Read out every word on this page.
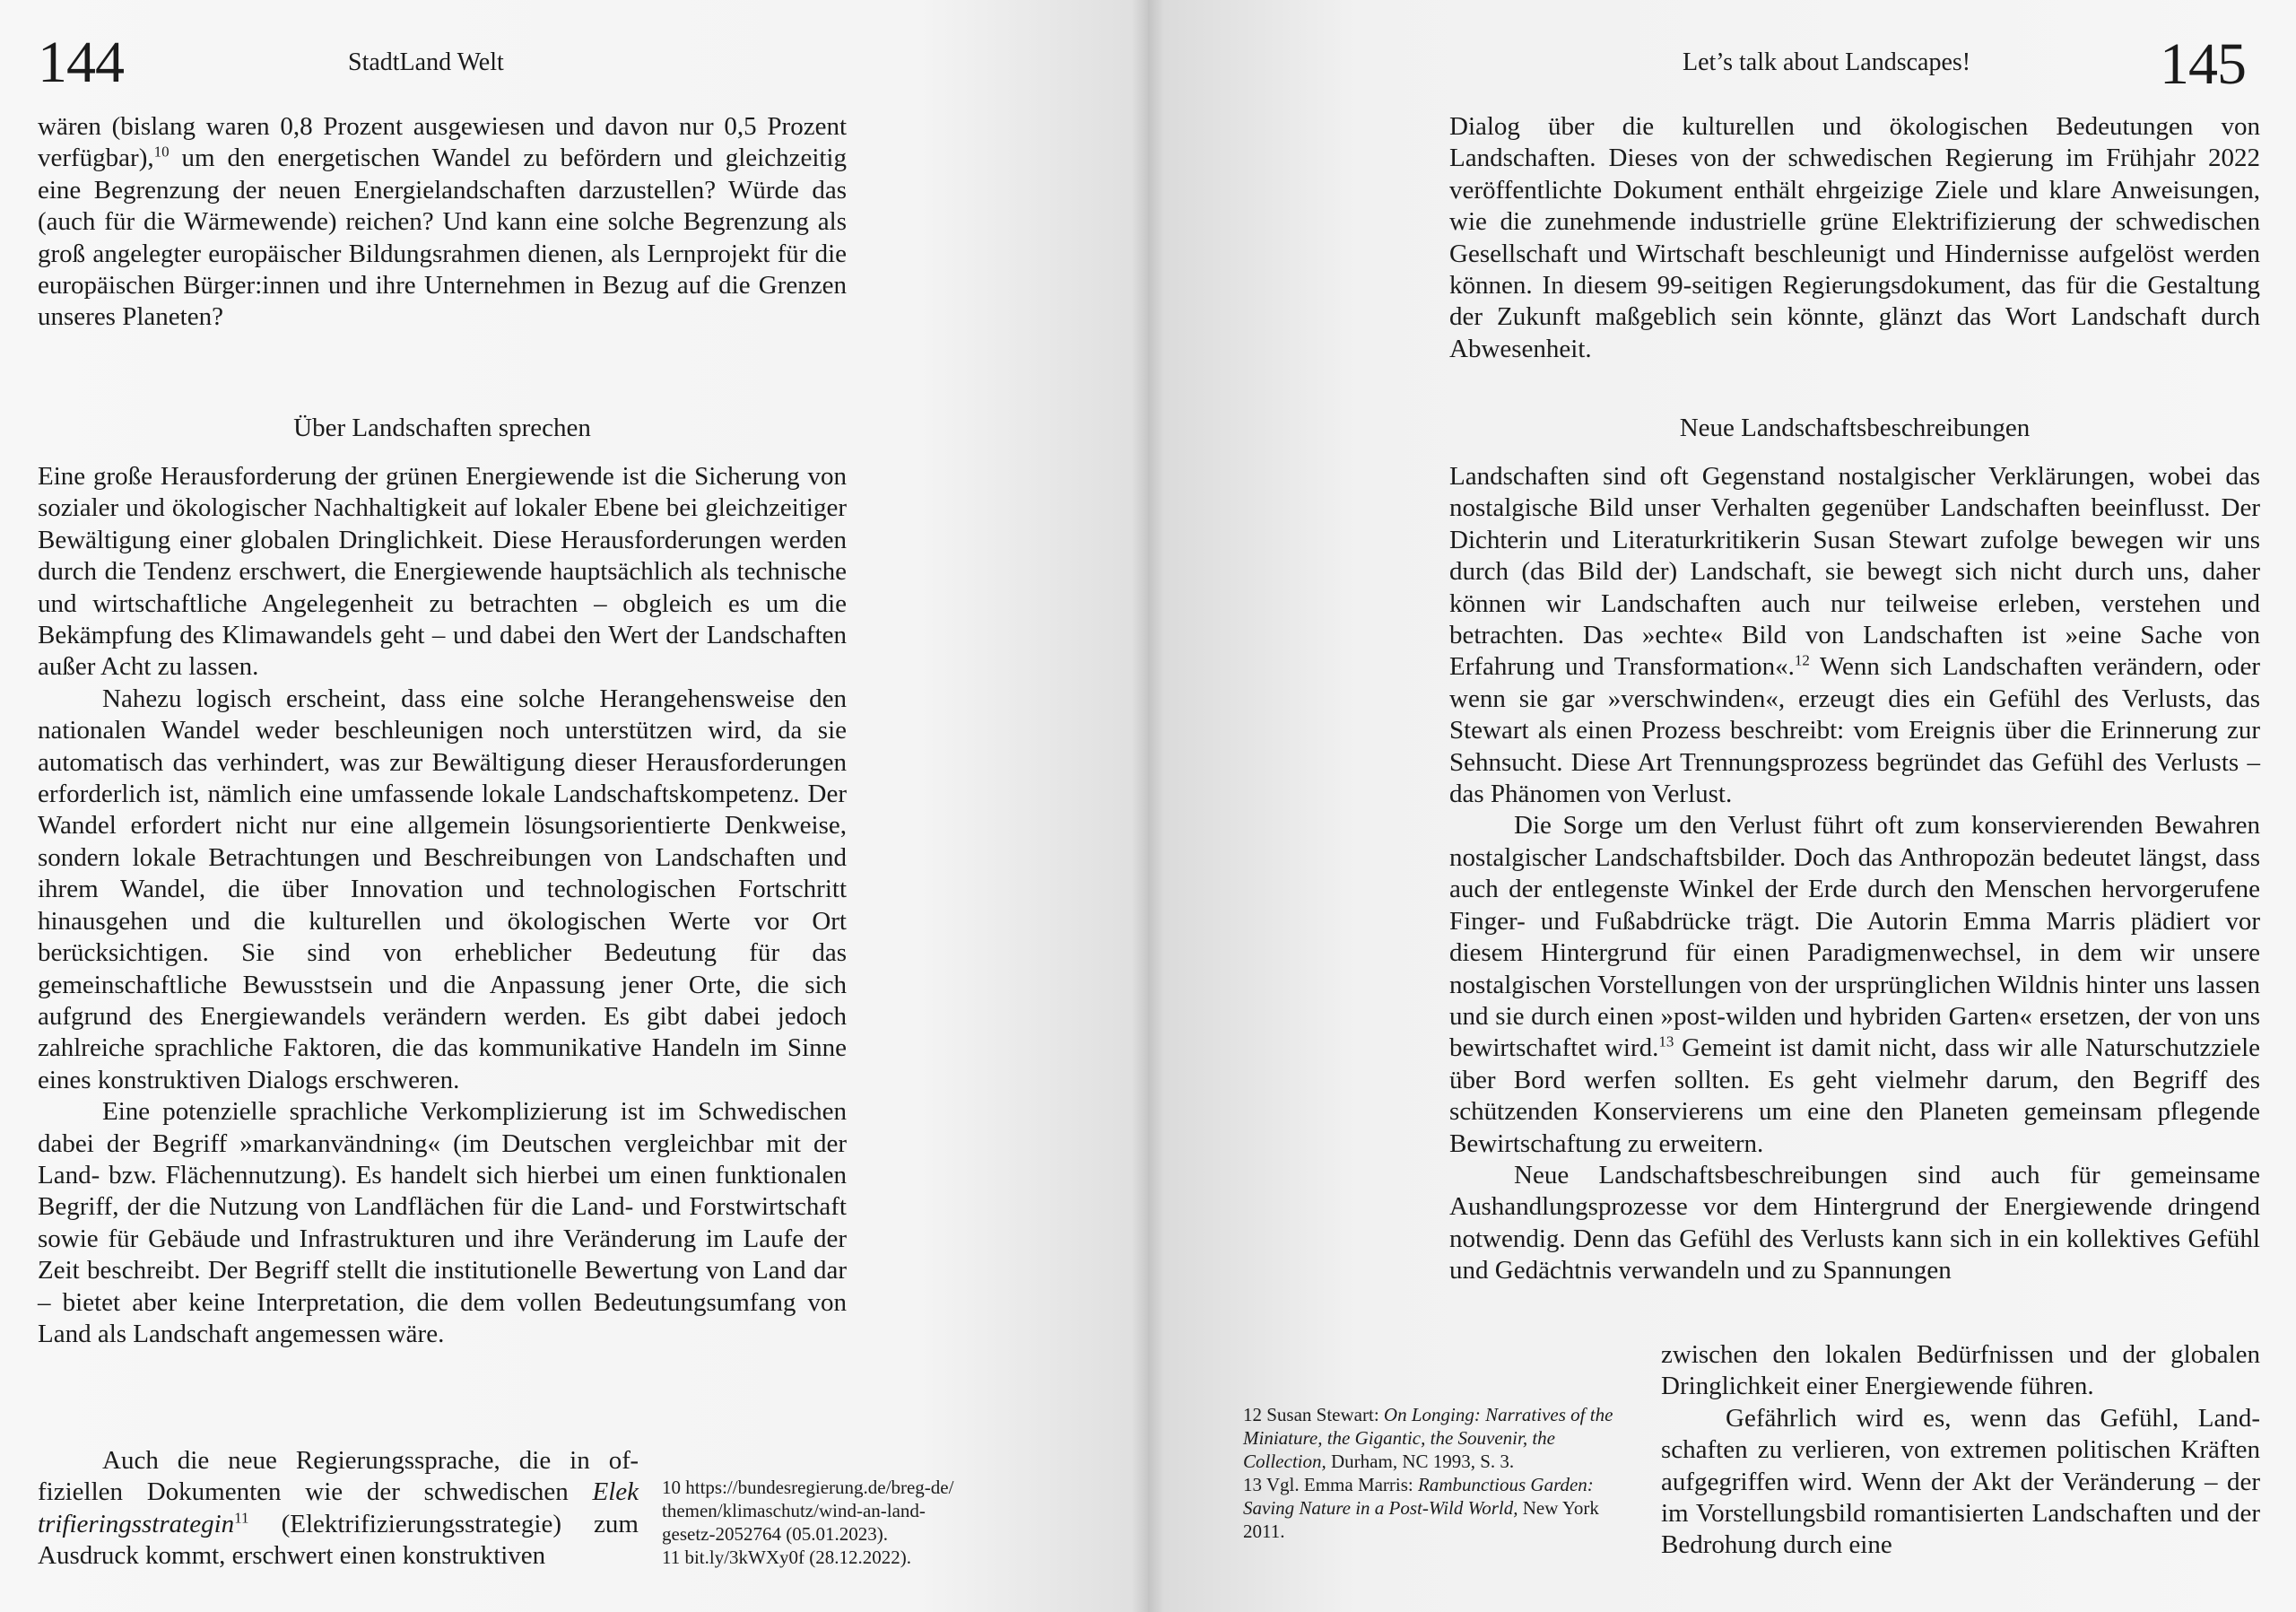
144	StadtLand Welt

wären (bislang waren 0,8 Prozent ausgewiesen und davon nur 0,5 Prozent verfügbar),$^{10}$ um den energetischen Wandel zu befördern und gleichzeitig eine Begrenzung der neuen Energielandschaften darzustellen? Würde das (auch für die Wärmewende) reichen? Und kann eine solche Begrenzung als groß angelegter europäischer Bildungsrahmen dienen, als Lernprojekt für die europäischen Bürger:innen und ihre Unternehmen in Bezug auf die Grenzen unseres Planeten?

Über Landschaften sprechen

Eine große Herausforderung der grünen Energiewende ist die Sicherung von sozialer und ökologischer Nachhaltigkeit auf lokaler Ebene bei gleichzeitiger Bewältigung einer globalen Dringlichkeit. Diese Herausforderungen werden durch die Tendenz erschwert, die Energiewende hauptsächlich als technische und wirtschaftliche Angelegenheit zu betrachten – obgleich es um die Bekämpfung des Klimawandels geht – und dabei den Wert der Landschaften außer Acht zu lassen.

Nahezu logisch erscheint, dass eine solche Herangehensweise den nationalen Wandel weder beschleunigen noch unterstützen wird, da sie automatisch das verhindert, was zur Bewältigung dieser Herausforderungen erforderlich ist, nämlich eine umfassende lokale Landschaftskompetenz. Der Wandel erfordert nicht nur eine allgemein lösungsorientierte Denkweise, sondern lokale Betrachtungen und Beschreibungen von Landschaften und ihrem Wandel, die über Innovation und technologischen Fortschritt hinausgehen und die kulturellen und ökologischen Werte vor Ort berücksichtigen. Sie sind von erheblicher Bedeutung für das gemeinschaftliche Bewusstsein und die Anpassung jener Orte, die sich aufgrund des Energiewandels verändern werden. Es gibt dabei jedoch zahlreiche sprachliche Faktoren, die das kommunikative Handeln im Sinne eines konstruktiven Dialogs erschweren.

Eine potenzielle sprachliche Verkomplizierung ist im Schwedischen dabei der Begriff »markanvändning« (im Deutschen vergleichbar mit der Land- bzw. Flächennutzung). Es handelt sich hierbei um einen funktionalen Begriff, der die Nutzung von Landflächen für die Land- und Forstwirtschaft sowie für Gebäude und Infrastrukturen und ihre Veränderung im Laufe der Zeit beschreibt. Der Begriff stellt die institutionelle Bewertung von Land dar – bietet aber keine Interpretation, die dem vollen Bedeutungsumfang von Land als Landschaft angemessen wäre.

Auch die neue Regierungssprache, die in offiziellen Dokumenten wie der schwedischen Elek trifieringsstrategin$^{11}$ (Elektrifizierungsstrategie) zum Ausdruck kommt, erschwert einen konstruktiven

10 https://bundesregierung.de/breg-de/
themen/klimaschutz/wind-an-land-
gesetz-2052764 (05.01.2023).
11 bit.ly/3kWXy0f (28.12.2022).
145
Let’s talk about Landscapes!

Dialog über die kulturellen und ökologischen Bedeutungen von Landschaften. Dieses von der schwedischen Regierung im Frühjahr 2022 veröffentlichte Dokument enthält ehrgeizige Ziele und klare Anweisungen, wie die zunehmende industrielle grüne Elektrifizierung der schwedischen Gesellschaft und Wirtschaft beschleunigt und Hindernisse aufgelöst werden können. In diesem 99-seitigen Regierungsdokument, das für die Gestaltung der Zukunft maßgeblich sein könnte, glänzt das Wort Landschaft durch Abwesenheit.

Neue Landschaftsbeschreibungen

Landschaften sind oft Gegenstand nostalgischer Verklärungen, wobei das nostalgische Bild unser Verhalten gegenüber Landschaften beeinflusst. Der Dichterin und Literaturkritikerin Susan Stewart zufolge bewegen wir uns durch (das Bild der) Landschaft, sie bewegt sich nicht durch uns, daher können wir Landschaften auch nur teilweise erleben, verstehen und betrachten. Das »echte« Bild von Landschaften ist »eine Sache von Erfahrung und Transformation«.$^{12}$ Wenn sich Landschaften verändern, oder wenn sie gar »verschwinden«, erzeugt dies ein Gefühl des Verlusts, das Stewart als einen Prozess beschreibt: vom Ereignis über die Erinnerung zur Sehnsucht. Diese Art Trennungsprozess begründet das Gefühl des Verlusts – das Phänomen von Verlust.

Die Sorge um den Verlust führt oft zum konservierenden Bewahren nostalgischer Landschaftsbilder. Doch das Anthropozän bedeutet längst, dass auch der entlegenste Winkel der Erde durch den Menschen hervorgerufene Finger- und Fußabdrücke trägt. Die Autorin Emma Marris plädiert vor diesem Hintergrund für einen Paradigmenwechsel, in dem wir unsere nostalgischen Vorstellungen von der ursprünglichen Wildnis hinter uns lassen und sie durch einen »post-wilden und hybriden Garten« ersetzen, der von uns bewirtschaftet wird.$^{13}$ Gemeint ist damit nicht, dass wir alle Naturschutzziele über Bord werfen sollten. Es geht vielmehr darum, den Begriff des schützenden Konservierens um eine den Planeten gemeinsam pflegende Bewirtschaftung zu erweitern.

Neue Landschaftsbeschreibungen sind auch für gemeinsame Aushandlungsprozesse vor dem Hintergrund der Energiewende dringend notwendig. Denn das Gefühl des Verlusts kann sich in ein kollektives Gefühl und Gedächtnis verwandeln und zu Spannungen

zwischen den lokalen Bedürfnissen und der globalen Dringlichkeit einer Energiewende führen.

Gefährlich wird es, wenn das Gefühl, Landschaften zu verlieren, von extremen politischen Kräften aufgegriffen wird. Wenn der Akt der Veränderung – der im Vorstellungsbild romantisierten Landschaften und der Bedrohung durch eine

12 Susan Stewart: On Longing: Narratives of the Miniature, the Gigantic, the Souvenir, the Collection, Durham, NC 1993, S. 3.
13 Vgl. Emma Marris: Rambunctious Garden: Saving Nature in a Post-Wild World, New York 2011.
